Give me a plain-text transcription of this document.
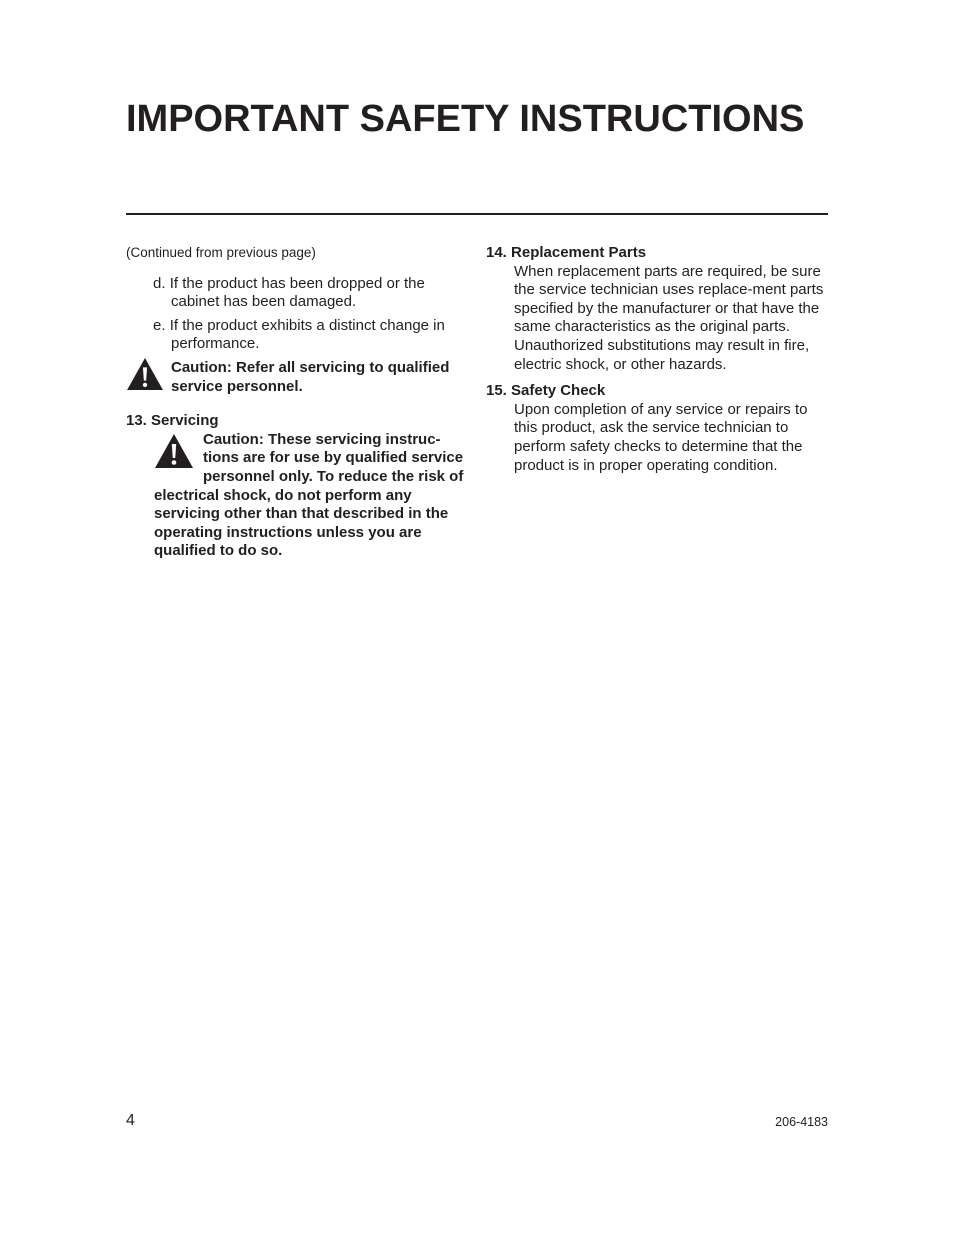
IMPORTANT SAFETY INSTRUCTIONS

(Continued from previous page)

d. If the product has been dropped or the cabinet has been damaged.

e. If the product exhibits a distinct change in performance.

Caution: Refer all servicing to qualified service personnel.

13. Servicing

Caution: These servicing instruc-tions are for use by qualified service personnel only. To reduce the risk of electrical shock, do not perform any servicing other than that described in the operating instructions unless you are qualified to do so.

14. Replacement Parts

When replacement parts are required, be sure the service technician uses replace-ment parts specified by the manufacturer or that have the same characteristics as the original parts. Unauthorized substitutions may result in fire, electric shock, or other hazards.

15. Safety Check

Upon completion of any service or repairs to this product, ask the service technician to perform safety checks to determine that the product is in proper operating condition.

4	206-4183
